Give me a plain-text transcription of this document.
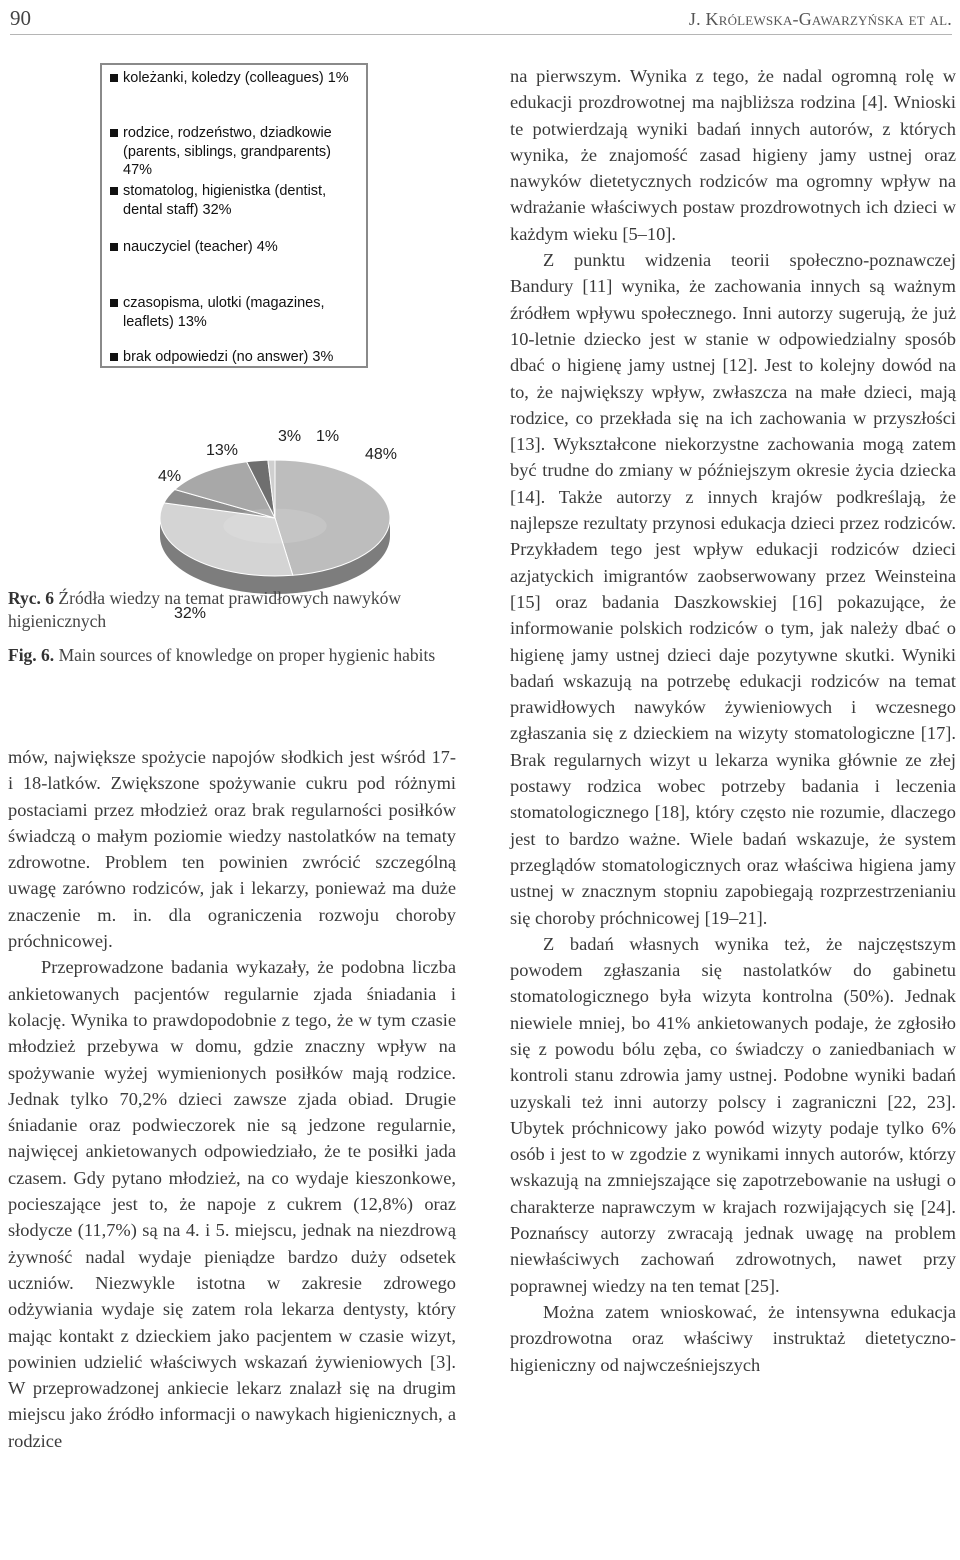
90	J. Królewska-Gawarzyńska et al.
koleżanki, koledzy (colleagues) 1%
rodzice, rodzeństwo, dziadkowie (parents, siblings, grandparents) 47%
stomatolog, higienistka (dentist, dental staff) 32%
nauczyciel (teacher) 4%
czasopisma, ulotki (magazines, leaflets) 13%
brak odpowiedzi (no answer) 3%
4%
13%
3% 1%
48%
32%
Ryc. 6 Źródła wiedzy na temat prawidłowych nawyków higienicznych
Fig. 6. Main sources of knowledge on proper hygienic habits

mów, największe spożycie napojów słodkich jest wśród 17- i 18-latków. Zwiększone spożywanie cukru pod różnymi postaciami przez młodzież oraz brak regularności posiłków świadczą o małym poziomie wiedzy nastolatków na tematy zdrowotne. Problem ten powinien zwrócić szczególną uwagę zarówno rodziców, jak i lekarzy, ponieważ ma duże znaczenie m. in. dla ograniczenia rozwoju choroby próchnicowej.

Przeprowadzone badania wykazały, że podobna liczba ankietowanych pacjentów regularnie zjada śniadania i kolację. Wynika to prawdopodobnie z tego, że w tym czasie młodzież przebywa w domu, gdzie znaczny wpływ na spożywanie wyżej wymienionych posiłków mają rodzice. Jednak tylko 70,2% dzieci zawsze zjada obiad. Drugie śniadanie oraz podwieczorek nie są jedzone regularnie, najwięcej ankietowanych odpowiedziało, że te posiłki jada czasem. Gdy pytano młodzież, na co wydaje kieszonkowe, pocieszające jest to, że napoje z cukrem (12,8%) oraz słodycze (11,7%) są na 4. i 5. miejscu, jednak na niezdrową żywność nadal wydaje pieniądze bardzo duży odsetek uczniów. Niezwykle istotna w zakresie zdrowego odżywiania wydaje się zatem rola lekarza dentysty, który mając kontakt z dzieckiem jako pacjentem w czasie wizyt, powinien udzielić właściwych wskazań żywieniowych [3]. W przeprowadzonej ankiecie lekarz znalazł się na drugim miejscu jako źródło informacji o nawykach higienicznych, a rodzice

na pierwszym. Wynika z tego, że nadal ogromną rolę w edukacji prozdrowotnej ma najbliższa rodzina [4]. Wnioski te potwierdzają wyniki badań innych autorów, z których wynika, że znajomość zasad higieny jamy ustnej oraz nawyków dietetycznych rodziców ma ogromny wpływ na wdrażanie właściwych postaw prozdrowotnych ich dzieci w każdym wieku [5–10].

Z punktu widzenia teorii społeczno-poznawczej Bandury [11] wynika, że zachowania innych są ważnym źródłem wpływu społecznego. Inni autorzy sugerują, że już 10-letnie dziecko jest w stanie w odpowiedzialny sposób dbać o higienę jamy ustnej [12]. Jest to kolejny dowód na to, że największy wpływ, zwłaszcza na małe dzieci, mają rodzice, co przekłada się na ich zachowania w przyszłości [13]. Wykształcone niekorzystne zachowania mogą zatem być trudne do zmiany w późniejszym okresie życia dziecka [14]. Także autorzy z innych krajów podkreślają, że najlepsze rezultaty przynosi edukacja dzieci przez rodziców. Przykładem tego jest wpływ edukacji rodziców dzieci azjatyckich imigrantów zaobserwowany przez Weinsteina [15] oraz badania Daszkowskiej [16] pokazujące, że informowanie polskich rodziców o tym, jak należy dbać o higienę jamy ustnej dzieci daje pozytywne skutki. Wyniki badań wskazują na potrzebę edukacji rodziców na temat prawidłowych nawyków żywieniowych i wczesnego zgłaszania się z dzieckiem na wizyty stomatologiczne [17]. Brak regularnych wizyt u lekarza wynika głównie ze złej postawy rodzica wobec potrzeby badania i leczenia stomatologicznego [18], który często nie rozumie, dlaczego jest to bardzo ważne. Wiele badań wskazuje, że system przeglądów stomatologicznych oraz właściwa higiena jamy ustnej w znacznym stopniu zapobiegają rozprzestrzenianiu się choroby próchnicowej [19–21].

Z badań własnych wynika też, że najczęstszym powodem zgłaszania się nastolatków do gabinetu stomatologicznego była wizyta kontrolna (50%). Jednak niewiele mniej, bo 41% ankietowanych podaje, że zgłosiło się z powodu bólu zęba, co świadczy o zaniedbaniach w kontroli stanu zdrowia jamy ustnej. Podobne wyniki badań uzyskali też inni autorzy polscy i zagraniczni [22, 23]. Ubytek próchnicowy jako powód wizyty podaje tylko 6% osób i jest to w zgodzie z wynikami innych autorów, którzy wskazują na zmniejszające się zapotrzebowanie na usługi o charakterze naprawczym w krajach rozwijających się [24]. Poznańscy autorzy zwracają jednak uwagę na problem niewłaściwych zachowań zdrowotnych, nawet przy poprawnej wiedzy na ten temat [25].

Można zatem wnioskować, że intensywna edukacja prozdrowotna oraz właściwy instruktaż dietetyczno-higieniczny od najwcześniejszych
